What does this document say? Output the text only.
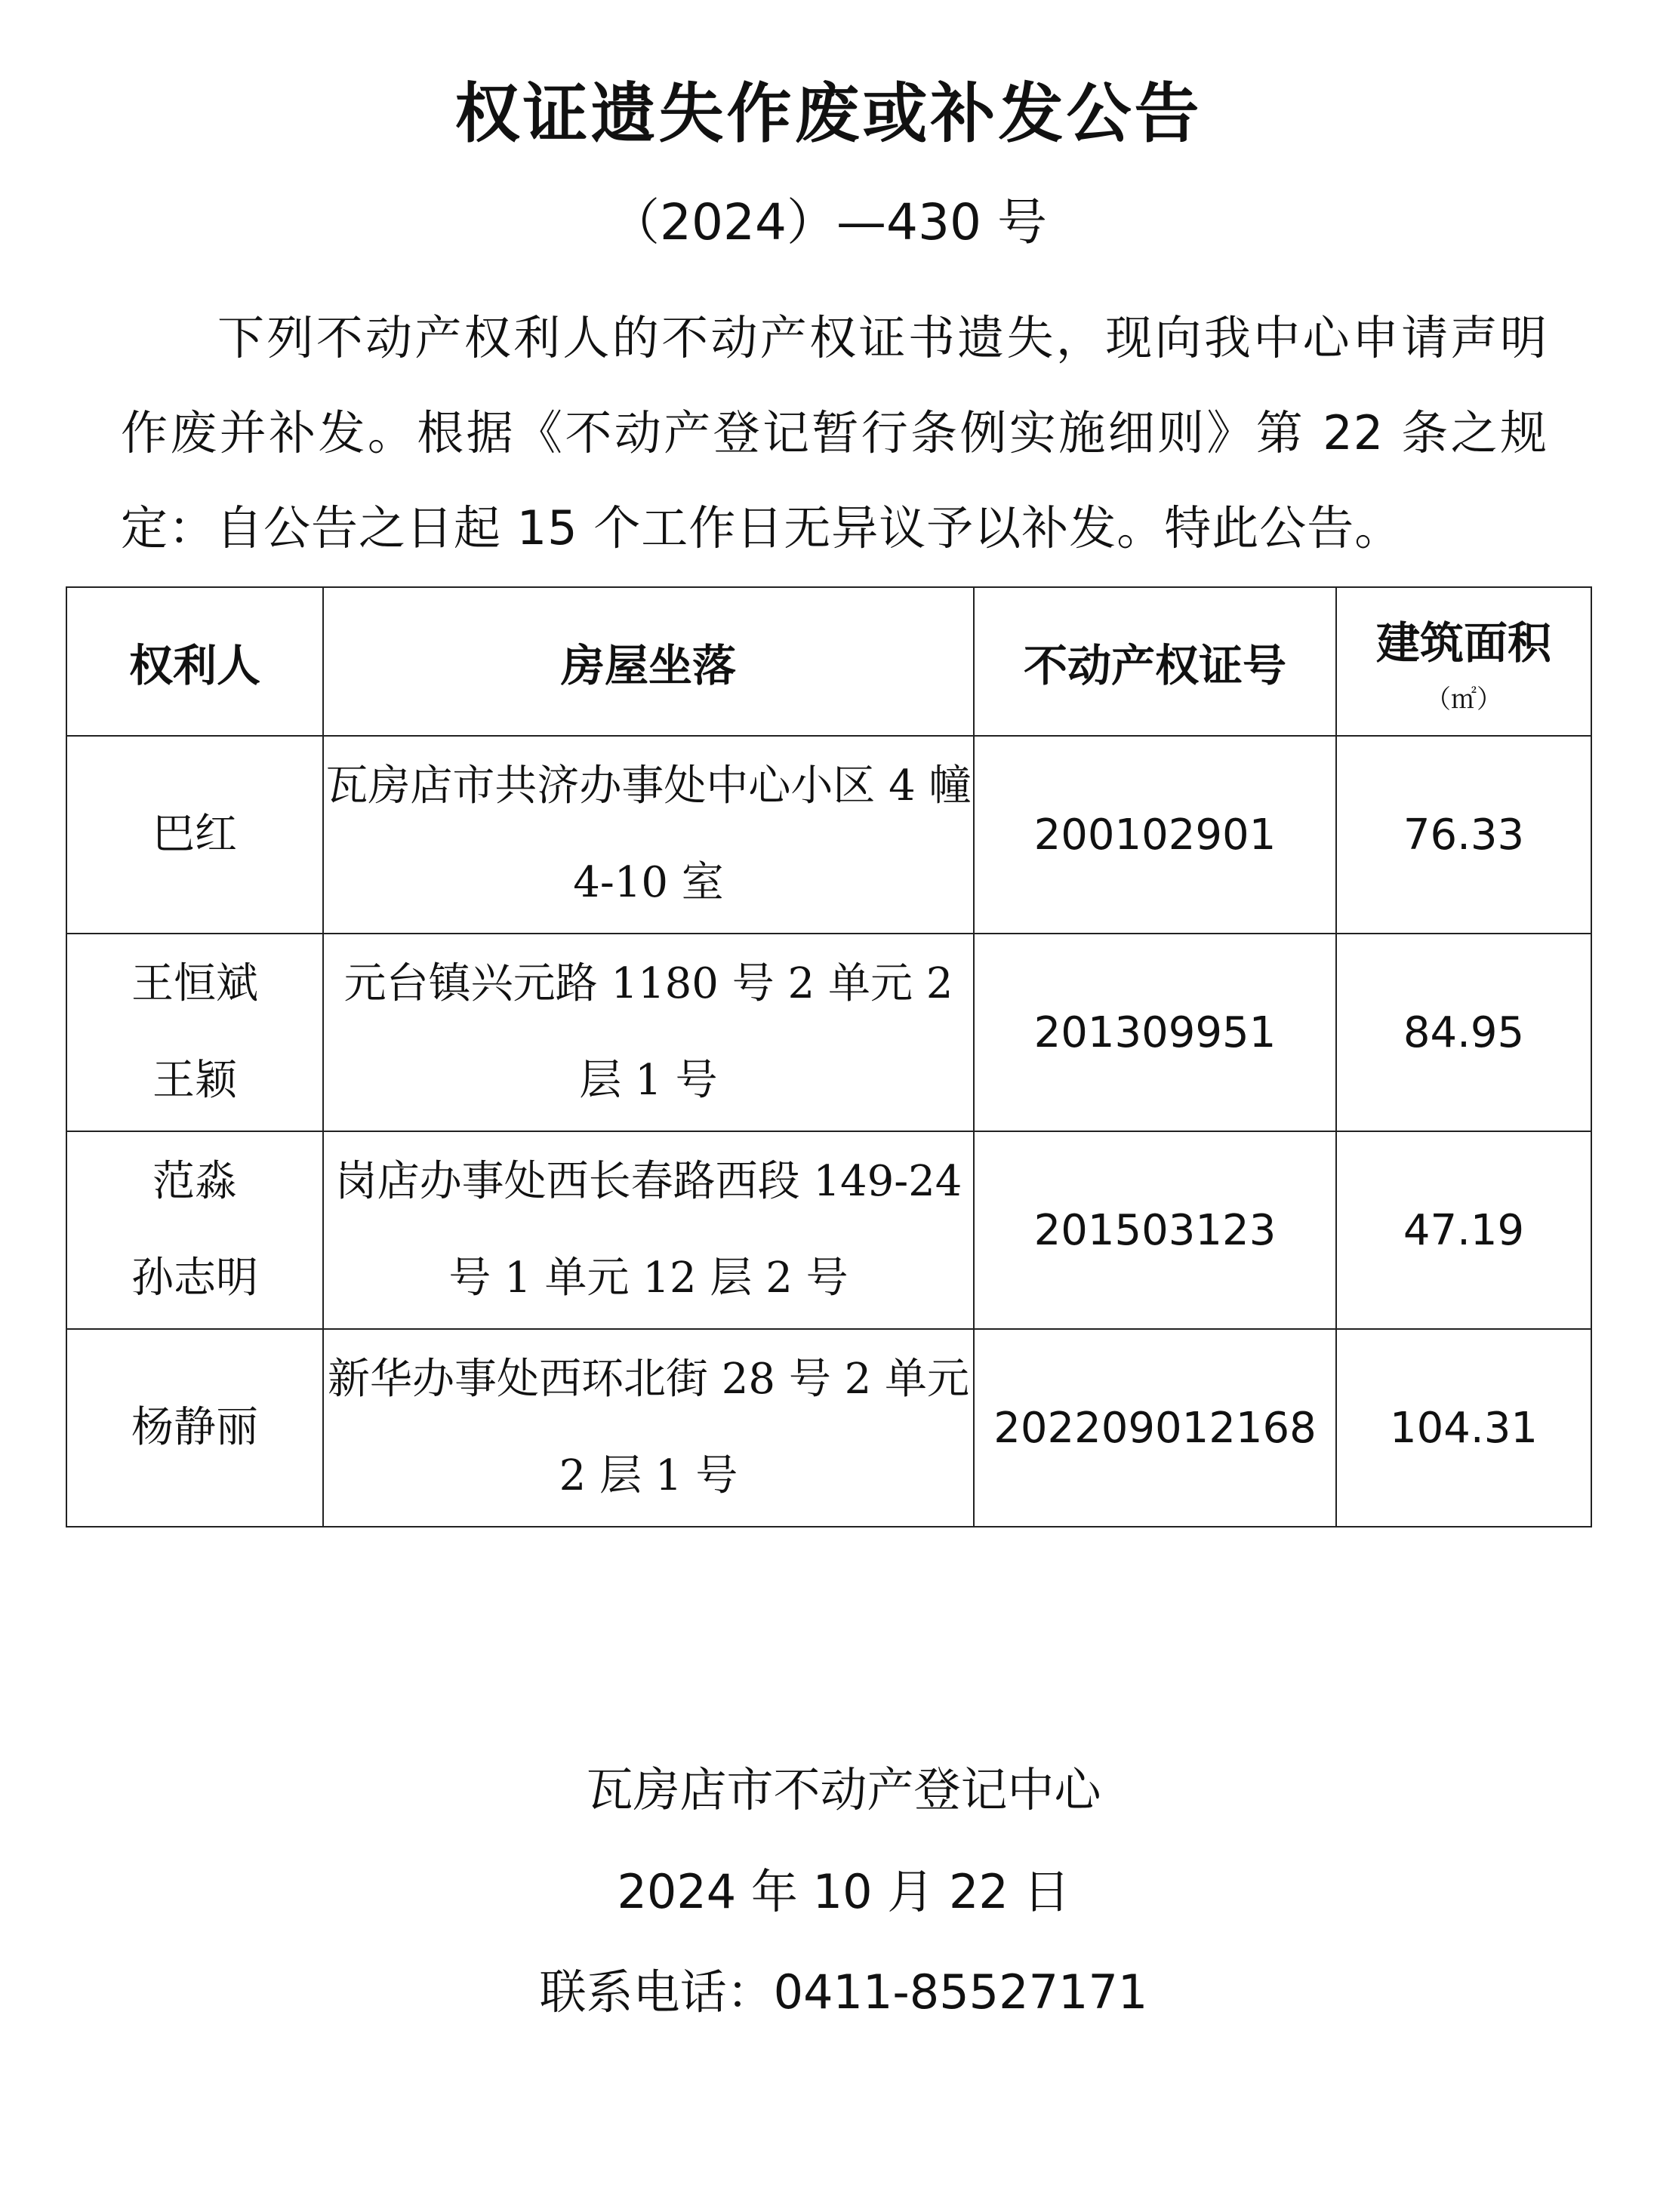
权证遗失作废或补发公告
（2024）—430 号
下列不动产权利人的不动产权证书遗失，现向我中心申请声明作废并补发。根据《不动产登记暂行条例实施细则》第 22 条之规定：自公告之日起 15 个工作日无异议予以补发。特此公告。
权利人	房屋坐落	不动产权证号	建筑面积
（㎡）

巴红	瓦房店市共济办事处中心小区 4 幢 4-10 室	200102901	76.33

王恒斌
王颖	元台镇兴元路 1180 号 2 单元 2 层 1 号	201309951	84.95

范淼
孙志明	岗店办事处西长春路西段 149-24 号 1 单元 12 层 2 号	201503123	47.19

杨静丽	新华办事处西环北街 28 号 2 单元 2 层 1 号	202209012168	104.31
瓦房店市不动产登记中心
2024 年 10 月 22 日
联系电话：0411-85527171
